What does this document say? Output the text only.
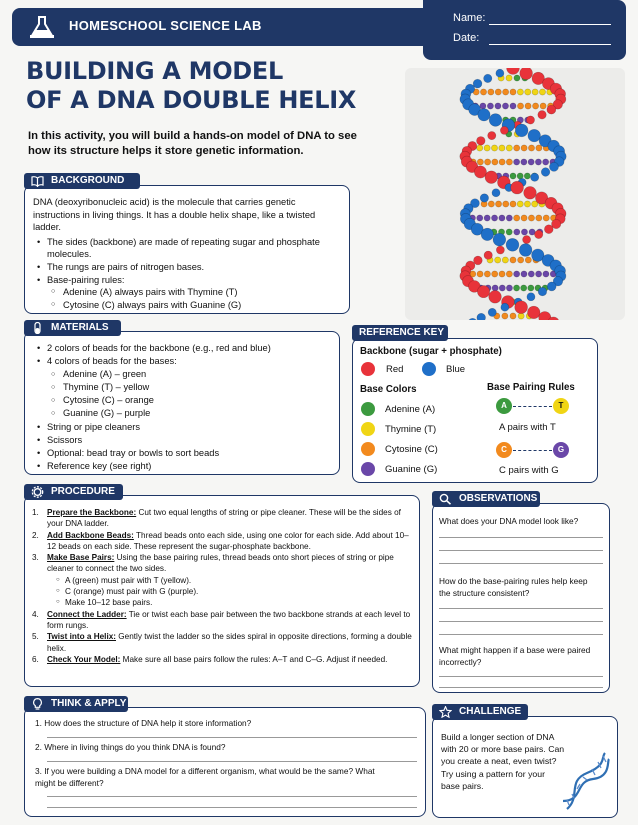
HOMESCHOOL SCIENCE LAB	Name:
Date:
BUILDING A MODEL
OF A DNA DOUBLE HELIX
In this activity, you will build a hands-on model of DNA to see how its structure helps it store genetic information.
DNA (deoxyribonucleic acid) is the molecule that carries genetic instructions in living things. It has a double helix shape, like a twisted ladder.
• The sides (backbone) are made of repeating sugar and phosphate molecules.
• The rungs are pairs of nitrogen bases.
• Base-pairing rules:
○ Adenine (A) always pairs with Thymine (T)
○ Cytosine (C) always pairs with Guanine (G)
BACKGROUND
• 2 colors of beads for the backbone (e.g., red and blue)
• 4 colors of beads for the bases:
○ Adenine (A) – green
○ Thymine (T) – yellow
○ Cytosine (C) – orange
○ Guanine (G) – purple
• String or pipe cleaners
• Scissors
• Optional: bead tray or bowls to sort beads
• Reference key (see right)
MATERIALS
Backbone (sugar + phosphate)
Red	Blue
Base Colors	Base Pairing Rules
Adenine (A)
Thymine (T)
Cytosine (C)
Guanine (G)
A	T
A pairs with T
C	G
C pairs with G
REFERENCE KEY
1. Prepare the Backbone: Cut two equal lengths of string or pipe cleaner. These will be the sides of your DNA ladder.
2. Add Backbone Beads: Thread beads onto each side, using one color for each side. Add about 10–12 beads on each side. These represent the sugar-phosphate backbone.
3. Make Base Pairs: Using the base pairing rules, thread beads onto short pieces of string or pipe cleaner to connect the two sides.
○ A (green) must pair with T (yellow).
○ C (orange) must pair with G (purple).
○ Make 10–12 base pairs.
4. Connect the Ladder: Tie or twist each base pair between the two backbone strands at each level to form rungs.
5. Twist into a Helix: Gently twist the ladder so the sides spiral in opposite directions, forming a double helix.
6. Check Your Model: Make sure all base pairs follow the rules: A–T and C–G. Adjust if needed.
PROCEDURE
What does your DNA model look like?
How do the base-pairing rules help keep the structure consistent?
What might happen if a base were paired incorrectly?
OBSERVATIONS
1. How does the structure of DNA help it store information?
2. Where in living things do you think DNA is found?
3. If you were building a DNA model for a different organism, what would be the same? What might be different?
THINK & APPLY
Build a longer section of DNA with 20 or more base pairs. Can you create a neat, even twist? Try using a pattern for your base pairs.
CHALLENGE
